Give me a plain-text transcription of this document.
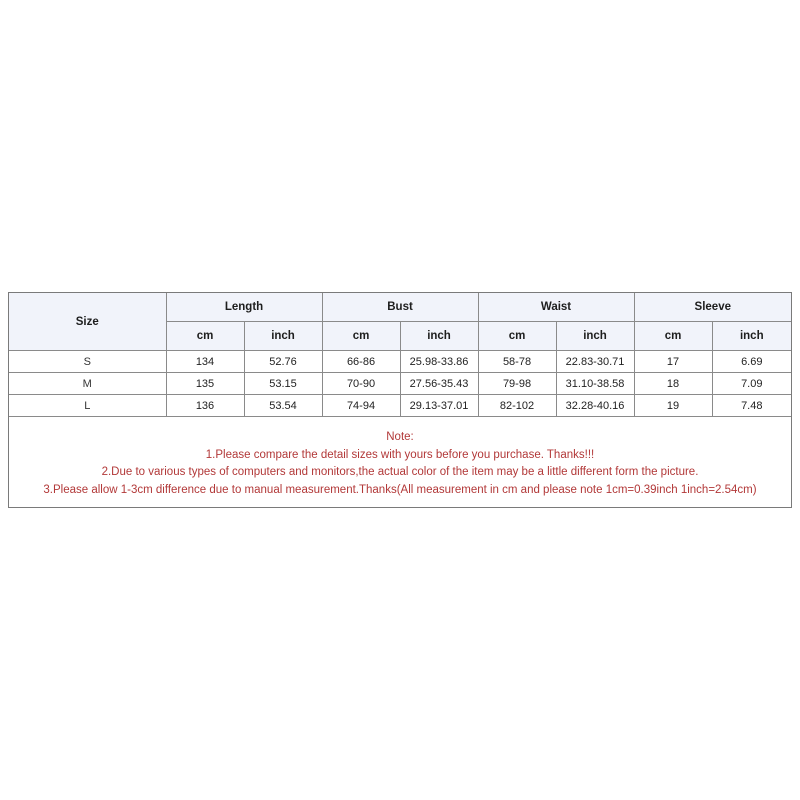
Size	Length		Bust		Waist		Sleeve	
	cm	inch	cm	inch	cm	inch	cm	inch
S	134	52.76	66-86	25.98-33.86	58-78	22.83-30.71	17	6.69
M	135	53.15	70-90	27.56-35.43	79-98	31.10-38.58	18	7.09
L	136	53.54	74-94	29.13-37.01	82-102	32.28-40.16	19	7.48
Note:
1.Please compare the detail sizes with yours before you purchase. Thanks!!!
2.Due to various types of computers and monitors,the actual color of the item may be a little different form the picture.
3.Please allow 1-3cm difference due to manual measurement.Thanks(All measurement in cm and please note 1cm=0.39inch 1inch=2.54cm)
